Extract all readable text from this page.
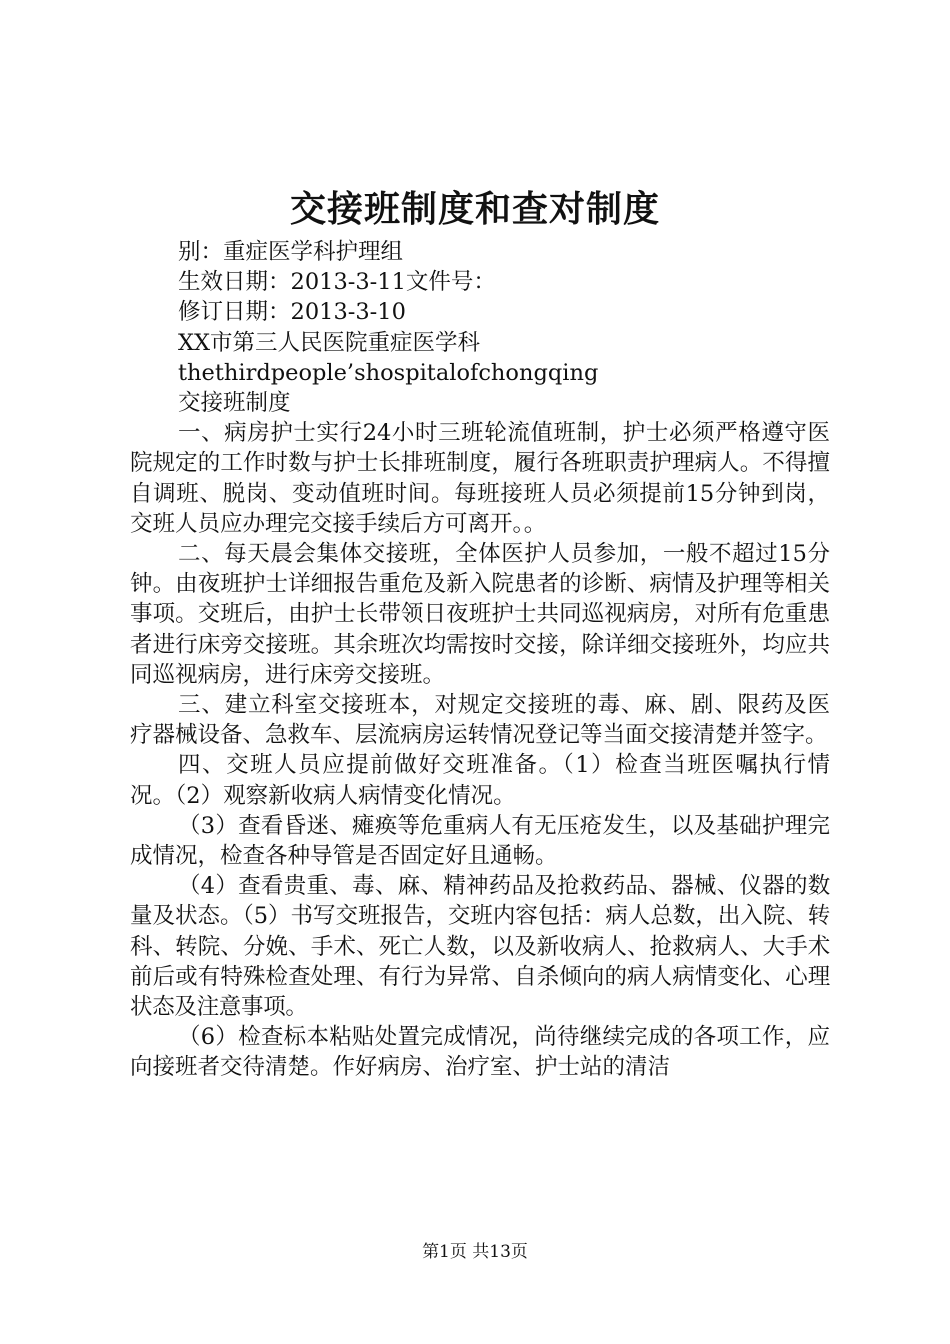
交接班制度和查对制度
别：重症医学科护理组
生效日期：2013-3-11文件号：
修订日期：2013-3-10
XX市第三人民医院重症医学科
thethirdpeople’shospitalofchongqing
交接班制度
一、病房护士实行24小时三班轮流值班制，护士必须严格遵守医院规定的工作时数与护士长排班制度，履行各班职责护理病人。不得擅自调班、脱岗、变动值班时间。每班接班人员必须提前15分钟到岗，交班人员应办理完交接手续后方可离开。。
二、每天晨会集体交接班，全体医护人员参加，一般不超过15分钟。由夜班护士详细报告重危及新入院患者的诊断、病情及护理等相关事项。交班后，由护士长带领日夜班护士共同巡视病房，对所有危重患者进行床旁交接班。其余班次均需按时交接，除详细交接班外，均应共同巡视病房，进行床旁交接班。
三、建立科室交接班本，对规定交接班的毒、麻、剧、限药及医疗器械设备、急救车、层流病房运转情况登记等当面交接清楚并签字。
四、交班人员应提前做好交班准备。（1）检查当班医嘱执行情况。（2）观察新收病人病情变化情况。
（3）查看昏迷、瘫痪等危重病人有无压疮发生，以及基础护理完成情况，检查各种导管是否固定好且通畅。
（4）查看贵重、毒、麻、精神药品及抢救药品、器械、仪器的数量及状态。（5）书写交班报告，交班内容包括：病人总数，出入院、转科、转院、分娩、手术、死亡人数，以及新收病人、抢救病人、大手术前后或有特殊检查处理、有行为异常、自杀倾向的病人病情变化、心理状态及注意事项。
（6）检查标本粘贴处置完成情况，尚待继续完成的各项工作，应向接班者交待清楚。作好病房、治疗室、护士站的清洁
第1页 共13页
